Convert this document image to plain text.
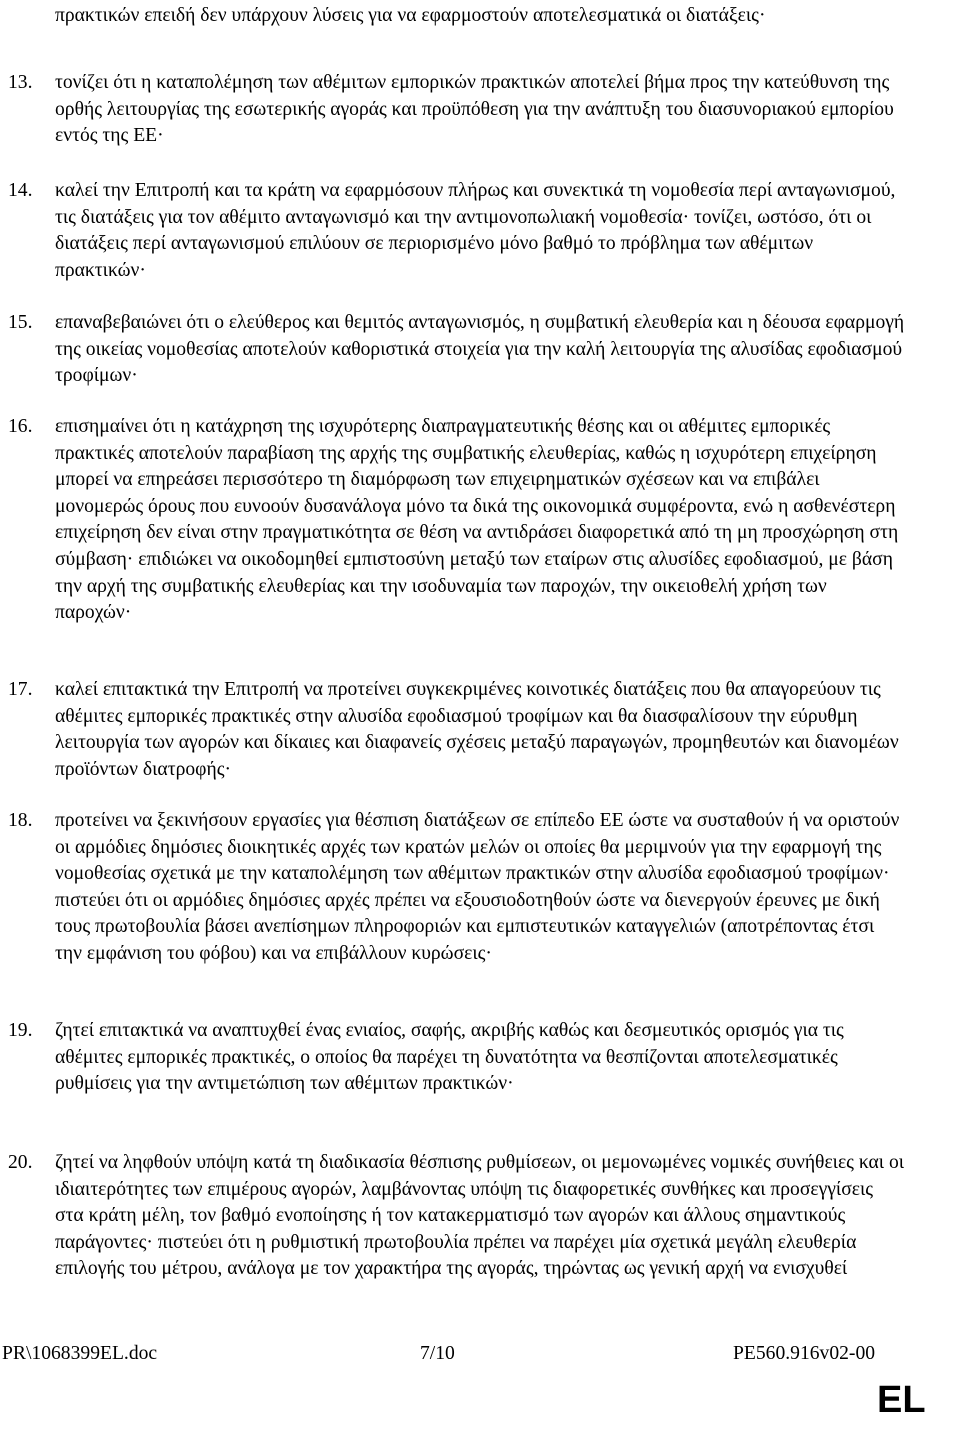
πρακτικών επειδή δεν υπάρχουν λύσεις για να εφαρμοστούν αποτελεσματικά οι διατάξεις·
13. τονίζει ότι η καταπολέμηση των αθέμιτων εμπορικών πρακτικών αποτελεί βήμα προς την κατεύθυνση της ορθής λειτουργίας της εσωτερικής αγοράς και προϋπόθεση για την ανάπτυξη του διασυνοριακού εμπορίου εντός της ΕΕ·
14. καλεί την Επιτροπή και τα κράτη να εφαρμόσουν πλήρως και συνεκτικά τη νομοθεσία περί ανταγωνισμού, τις διατάξεις για τον αθέμιτο ανταγωνισμό και την αντιμονοπωλιακή νομοθεσία· τονίζει, ωστόσο, ότι οι διατάξεις περί ανταγωνισμού επιλύουν σε περιορισμένο μόνο βαθμό το πρόβλημα των αθέμιτων πρακτικών·
15. επαναβεβαιώνει ότι ο ελεύθερος και θεμιτός ανταγωνισμός, η συμβατική ελευθερία και η δέουσα εφαρμογή της οικείας νομοθεσίας αποτελούν καθοριστικά στοιχεία για την καλή λειτουργία της αλυσίδας εφοδιασμού τροφίμων·
16. επισημαίνει ότι η κατάχρηση της ισχυρότερης διαπραγματευτικής θέσης και οι αθέμιτες εμπορικές πρακτικές αποτελούν παραβίαση της αρχής της συμβατικής ελευθερίας, καθώς η ισχυρότερη επιχείρηση μπορεί να επηρεάσει περισσότερο τη διαμόρφωση των επιχειρηματικών σχέσεων και να επιβάλει μονομερώς όρους που ευνοούν δυσανάλογα μόνο τα δικά της οικονομικά συμφέροντα, ενώ η ασθενέστερη επιχείρηση δεν είναι στην πραγματικότητα σε θέση να αντιδράσει διαφορετικά από τη μη προσχώρηση στη σύμβαση· επιδιώκει να οικοδομηθεί εμπιστοσύνη μεταξύ των εταίρων στις αλυσίδες εφοδιασμού, με βάση την αρχή της συμβατικής ελευθερίας και την ισοδυναμία των παροχών, την οικειοθελή χρήση των παροχών·
17. καλεί επιτακτικά την Επιτροπή να προτείνει συγκεκριμένες κοινοτικές διατάξεις που θα απαγορεύουν τις αθέμιτες εμπορικές πρακτικές στην αλυσίδα εφοδιασμού τροφίμων και θα διασφαλίσουν την εύρυθμη λειτουργία των αγορών και δίκαιες και διαφανείς σχέσεις μεταξύ παραγωγών, προμηθευτών και διανομέων προϊόντων διατροφής·
18. προτείνει να ξεκινήσουν εργασίες για θέσπιση διατάξεων σε επίπεδο ΕΕ ώστε να συσταθούν ή να οριστούν οι αρμόδιες δημόσιες διοικητικές αρχές των κρατών μελών οι οποίες θα μεριμνούν για την εφαρμογή της νομοθεσίας σχετικά με την καταπολέμηση των αθέμιτων πρακτικών στην αλυσίδα εφοδιασμού τροφίμων· πιστεύει ότι οι αρμόδιες δημόσιες αρχές πρέπει να εξουσιοδοτηθούν ώστε να διενεργούν έρευνες με δική τους πρωτοβουλία βάσει ανεπίσημων πληροφοριών και εμπιστευτικών καταγγελιών (αποτρέποντας έτσι την εμφάνιση του φόβου) και να επιβάλλουν κυρώσεις·
19. ζητεί επιτακτικά να αναπτυχθεί ένας ενιαίος, σαφής, ακριβής καθώς και δεσμευτικός ορισμός για τις αθέμιτες εμπορικές πρακτικές, ο οποίος θα παρέχει τη δυνατότητα να θεσπίζονται αποτελεσματικές ρυθμίσεις για την αντιμετώπιση των αθέμιτων πρακτικών·
20. ζητεί να ληφθούν υπόψη κατά τη διαδικασία θέσπισης ρυθμίσεων, οι μεμονωμένες νομικές συνήθειες και οι ιδιαιτερότητες των επιμέρους αγορών, λαμβάνοντας υπόψη τις διαφορετικές συνθήκες και προσεγγίσεις στα κράτη μέλη, τον βαθμό ενοποίησης ή τον κατακερματισμό των αγορών και άλλους σημαντικούς παράγοντες· πιστεύει ότι η ρυθμιστική πρωτοβουλία πρέπει να παρέχει μία σχετικά μεγάλη ελευθερία επιλογής του μέτρου, ανάλογα με τον χαρακτήρα της αγοράς, τηρώντας ως γενική αρχή να ενισχυθεί
PR\1068399EL.doc	7/10	PE560.916v02-00
EL
